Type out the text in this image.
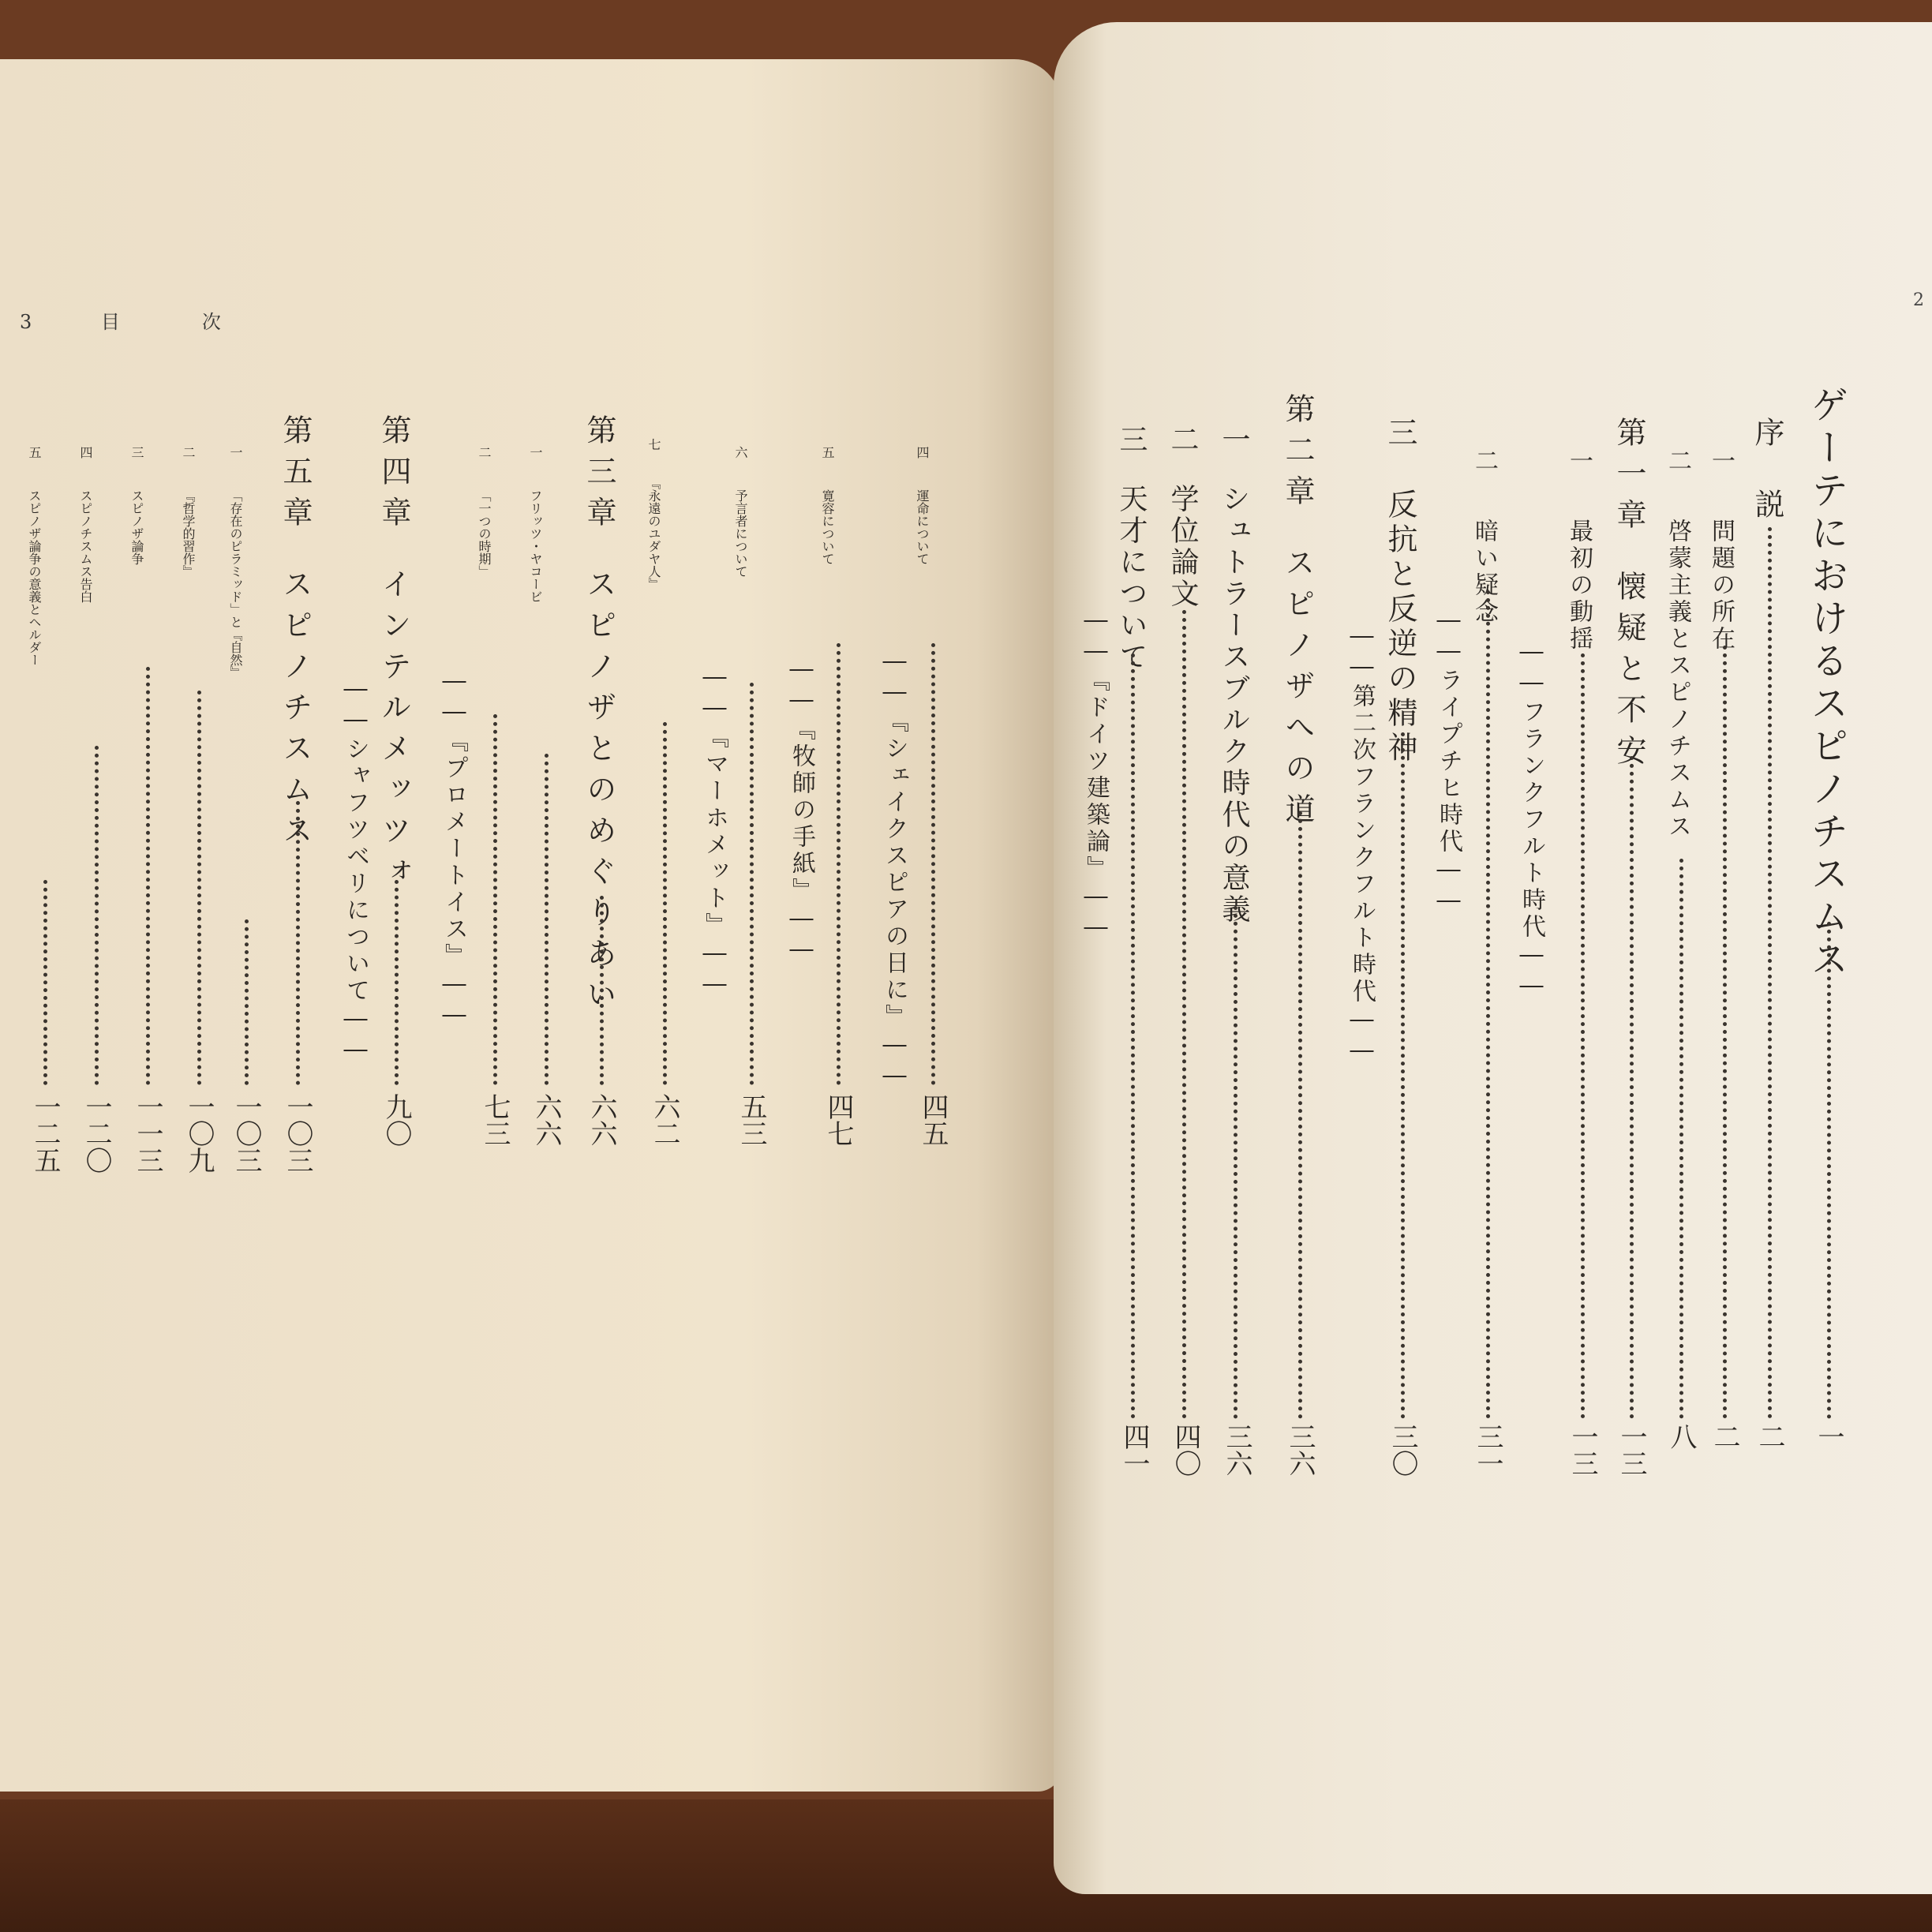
3 目　次
四 運命について
――『シェイクスピアの日に』――
四五
五 寛容について
――『牧師の手紙』――
四七
六 予言者について
――『マーホメット』――
五三
七 『永遠のユダヤ人』
六二
第三章 スピノザとのめぐりあい
六六
一 フリッツ・ヤコービ
六六
二 「一つの時期」
――『プロメートイス』――
七三
第四章 インテルメッツォ
――シャフツベリについて――
九〇
第五章 スピノチスムス
一〇三
一 「存在のピラミッド」と『自然』
一〇三
二 『哲学的習作』
一〇九
三 スピノザ論争
一一三
四 スピノチスムス告白
一二〇
五 スピノザ論争の意義とヘルダー
一二五
2
ゲーテにおけるスピノチスムス
一
序 説
二
一 問題の所在
二
二 啓蒙主義とスピノチスムス
八
第一章 懐疑と不安
一三
一 最初の動揺
一三
――フランクフルト時代――
二 暗い疑念
――ライプチヒ時代――
三一
三 反抗と反逆の精神
――第二次フランクフルト時代――
三〇
第二章 スピノザへの道
三六
一 シュトラースブルク時代の意義
三六
二 学位論文
四〇
三 天才について
――『ドイツ建築論』――
四一
